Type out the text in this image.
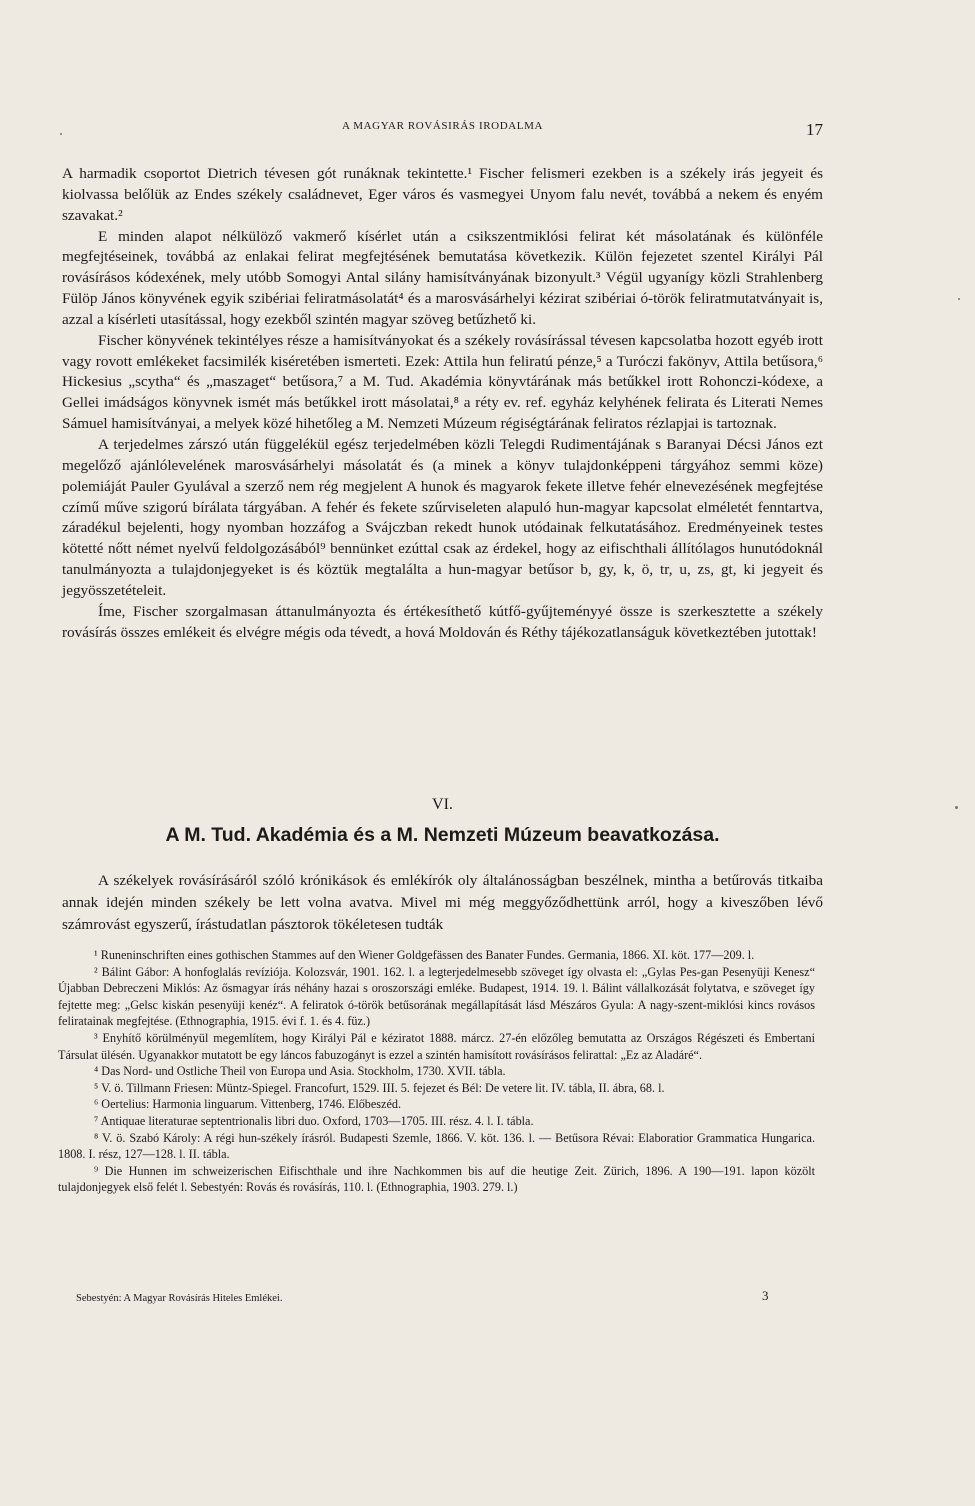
A MAGYAR ROVÁSIRÁS IRODALMA	17

A harmadik csoportot Dietrich tévesen gót runáknak tekintette.¹ Fischer felismeri ezekben is a székely irás jegyeit és kiolvassa belőlük az Endes székely családnevet, Eger város és vasmegyei Unyom falu nevét, továbbá a nekem és enyém szavakat.²

E minden alapot nélkülöző vakmerő kísérlet után a csikszentmiklósi felirat két másolatának és különféle megfejtéseinek, továbbá az enlakai felirat megfejtésének bemutatása következik. Külön fejezetet szentel Királyi Pál rovásírásos kódexének, mely utóbb Somogyi Antal silány hamisítványának bizonyult.³ Végül ugyanígy közli Strahlenberg Fülöp János könyvének egyik szibériai feliratmásolatát⁴ és a marosvásárhelyi kézirat szibériai ó-török feliratmutatványait is, azzal a kísérleti utasítással, hogy ezekből szintén magyar szöveg betűzhető ki.

Fischer könyvének tekintélyes része a hamisítványokat és a székely rovásírással tévesen kapcsolatba hozott egyéb irott vagy rovott emlékeket facsimilék kiséretében ismerteti. Ezek: Attila hun feliratú pénze,⁵ a Turóczi fakönyv, Attila betűsora,⁶ Hickesius „scytha“ és „maszaget“ betűsora,⁷ a M. Tud. Akadémia könyvtárának más betűkkel irott Rohonczi-kódexe, a Gellei imádságos könyvnek ismét más betűkkel irott másolatai,⁸ a réty ev. ref. egyház kelyhének felirata és Literati Nemes Sámuel hamisítványai, a melyek közé hihetőleg a M. Nemzeti Múzeum régiségtárának feliratos rézlapjai is tartoznak.

A terjedelmes zárszó után függelékül egész terjedelmében közli Telegdi Rudimentájának s Baranyai Décsi János ezt megelőző ajánlólevelének marosvásárhelyi másolatát és (a minek a könyv tulajdonképpeni tárgyához semmi köze) polemiáját Pauler Gyulával a szerző nem rég megjelent A hunok és magyarok fekete illetve fehér elnevezésének megfejtése czímű műve szigorú bírálata tárgyában. A fehér és fekete szűrviseleten alapuló hun-magyar kapcsolat elméletét fenntartva, záradékul bejelenti, hogy nyomban hozzáfog a Svájczban rekedt hunok utódainak felkutatásához. Eredményeinek testes kötetté nőtt német nyelvű feldolgozásából⁹ bennünket ezúttal csak az érdekel, hogy az eifischthali állítólagos hunutódoknál tanulmányozta a tulajdonjegyeket is és köztük megtalálta a hun-magyar betűsor b, gy, k, ö, tr, u, zs, gt, ki jegyeit és jegyösszetételeit.

Íme, Fischer szorgalmasan áttanulmányozta és értékesíthető kútfő-gyűjteményyé össze is szerkesztette a székely rovásírás összes emlékeit és elvégre mégis oda tévedt, a hová Moldován és Réthy tájékozatlanságuk következtében jutottak!

VI.
A M. Tud. Akadémia és a M. Nemzeti Múzeum beavatkozása.

A székelyek rovásírásáról szóló krónikások és emlékírók oly általánosságban beszélnek, mintha a betűrovás titkaiba annak idején minden székely be lett volna avatva. Mivel mi még meggyőződhettünk arról, hogy a kiveszőben lévő számrovást egyszerű, írástudatlan pásztorok tökéletesen tudták

¹ Runeninschriften eines gothischen Stammes auf den Wiener Goldgefässen des Banater Fundes. Germania, 1866. XI. köt. 177—209. l.

² Bálint Gábor: A honfoglalás revíziója. Kolozsvár, 1901. 162. l. a legterjedelmesebb szöveget így olvasta el: „Gylas Pes-gan Pesenyüji Kenesz“ Újabban Debreczeni Miklós: Az ősmagyar írás néhány hazai s oroszországi emléke. Budapest, 1914. 19. l. Bálint vállalkozását folytatva, e szöveget így fejtette meg: „Gelsc kiskán pesenyüji kenéz“. A feliratok ó-török betűsorának megállapítását lásd Mészáros Gyula: A nagy-szent-miklósi kincs rovásos feliratainak megfejtése. (Ethnographia, 1915. évi f. 1. és 4. füz.)

³ Enyhítő körülményül megemlítem, hogy Királyi Pál e kéziratot 1888. márcz. 27-én előzőleg bemutatta az Országos Régészeti és Embertani Társulat ülésén. Ugyanakkor mutatott be egy láncos fabuzogányt is ezzel a szintén hamisított rovásírásos felirattal: „Ez az Aladáré“.

⁴ Das Nord- und Ostliche Theil von Europa und Asia. Stockholm, 1730. XVII. tábla.

⁵ V. ö. Tillmann Friesen: Müntz-Spiegel. Francofurt, 1529. III. 5. fejezet és Bél: De vetere lit. IV. tábla, II. ábra, 68. l.

⁶ Oertelius: Harmonia linguarum. Vittenberg, 1746. Előbeszéd.

⁷ Antiquae literaturae septentrionalis libri duo. Oxford, 1703—1705. III. rész. 4. l. I. tábla.

⁸ V. ö. Szabó Károly: A régi hun-székely írásról. Budapesti Szemle, 1866. V. köt. 136. l. — Betűsora Révai: Elaboratior Grammatica Hungarica. 1808. I. rész, 127—128. l. II. tábla.

⁹ Die Hunnen im schweizerischen Eifischthale und ihre Nachkommen bis auf die heutige Zeit. Zürich, 1896. A 190—191. lapon közölt tulajdonjegyek első felét l. Sebestyén: Rovás és rovásírás, 110. l. (Ethnographia, 1903. 279. l.)

Sebestyén: A Magyar Rovásírás Hiteles Emlékei.	3
